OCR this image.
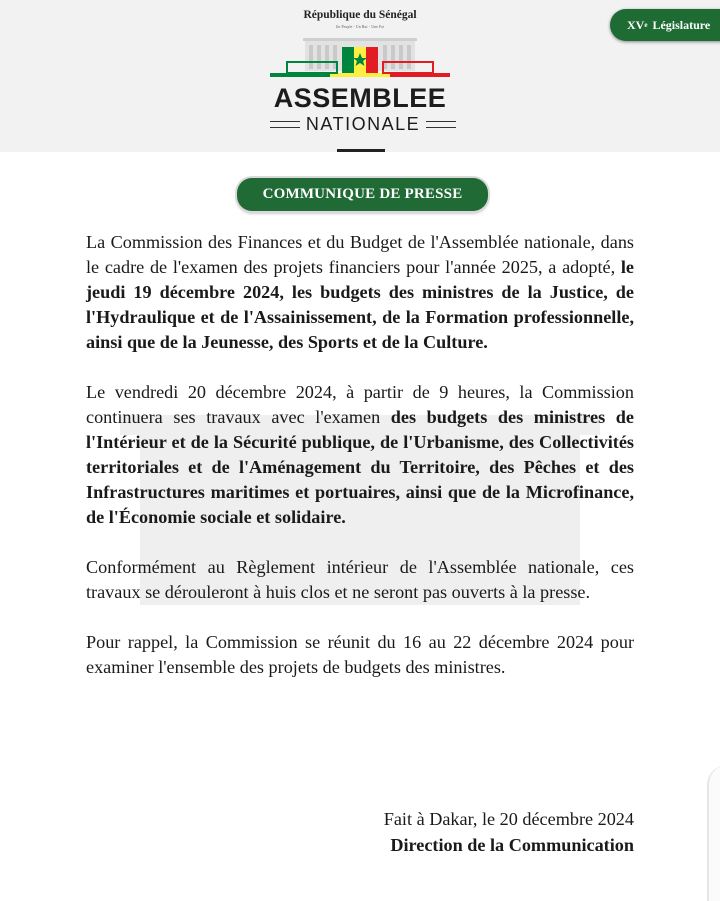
République du Sénégal
Un Peuple - Un But - Une Foi
ASSEMBLEE
NATIONALE
XV e
Législature
COMMUNIQUE DE PRESSE

La Commission des Finances et du Budget de l'Assemblée nationale, dans le cadre de l'examen des projets financiers pour l'année 2025, a adopté, le jeudi 19 décembre 2024, les budgets des ministres de la Justice, de l'Hydraulique et de l'Assainissement, de la Formation professionnelle, ainsi que de la Jeunesse, des Sports et de la Culture.

Le vendredi 20 décembre 2024, à partir de 9 heures, la Commission continuera ses travaux avec l'examen des budgets des ministres de l'Intérieur et de la Sécurité publique, de l'Urbanisme, des Collectivités territoriales et de l'Aménagement du Territoire, des Pêches et des Infrastructures maritimes et portuaires, ainsi que de la Microfinance, de l'Économie sociale et solidaire.

Conformément au Règlement intérieur de l'Assemblée nationale, ces travaux se dérouleront à huis clos et ne seront pas ouverts à la presse.

Pour rappel, la Commission se réunit du 16 au 22 décembre 2024 pour examiner l'ensemble des projets de budgets des ministres.

Fait à Dakar, le 20 décembre 2024
Direction de la Communication
